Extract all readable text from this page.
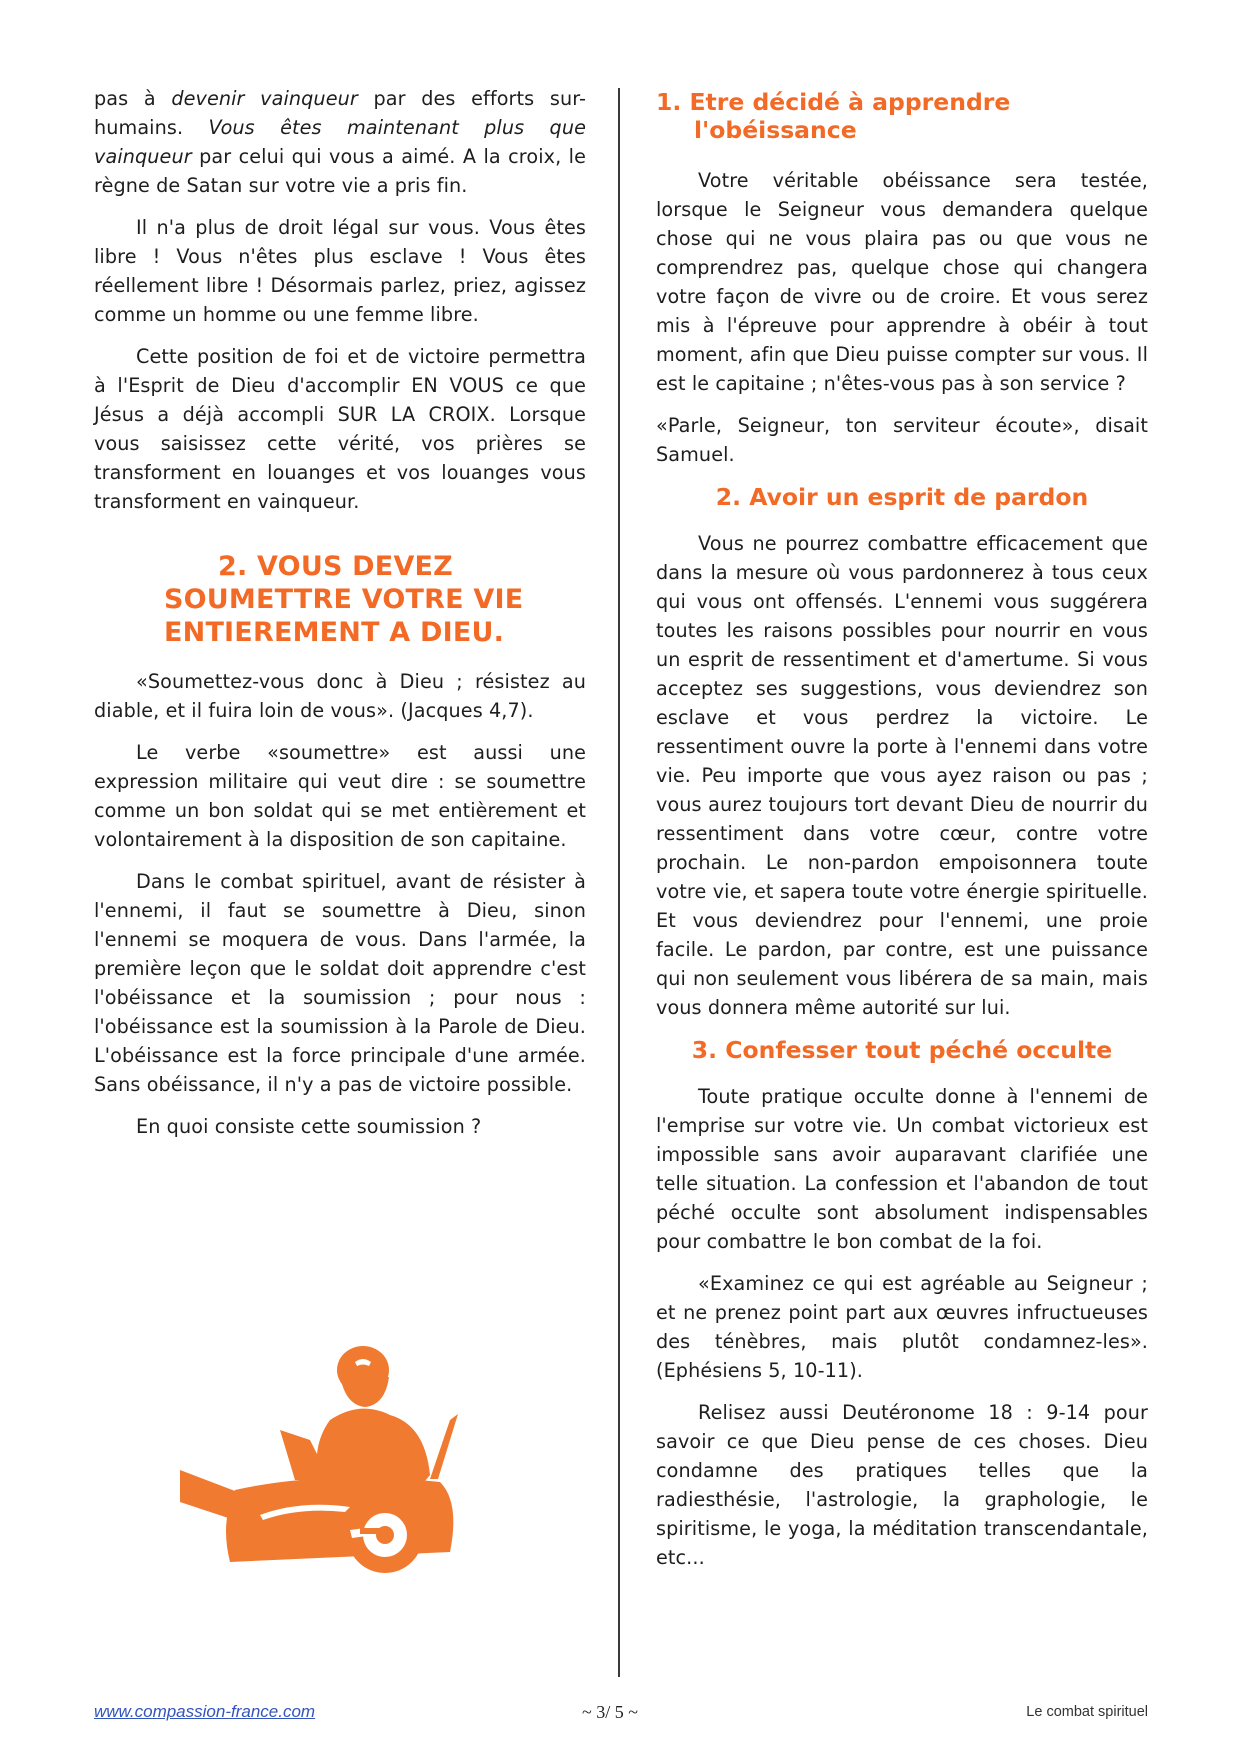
pas à devenir vainqueur par des efforts sur-humains. Vous êtes maintenant plus que vainqueur par celui qui vous a aimé. A la croix, le règne de Satan sur votre vie a pris fin.

Il n'a plus de droit légal sur vous. Vous êtes libre ! Vous n'êtes plus esclave ! Vous êtes réellement libre ! Désormais parlez, priez, agissez comme un homme ou une femme libre.

Cette position de foi et de victoire permettra à l'Esprit de Dieu d'accomplir EN VOUS ce que Jésus a déjà accompli SUR LA CROIX. Lorsque vous saisissez cette vérité, vos prières se transforment en louanges et vos louanges vous transforment en vainqueur.

2. VOUS DEVEZ
SOUMETTRE VOTRE VIE
ENTIEREMENT A DIEU.

«Soumettez-vous donc à Dieu ; résistez au diable, et il fuira loin de vous». (Jacques 4,7).

Le verbe «soumettre» est aussi une expression militaire qui veut dire : se soumettre comme un bon soldat qui se met entièrement et volontairement à la disposition de son capitaine.

Dans le combat spirituel, avant de résister à l'ennemi, il faut se soumettre à Dieu, sinon l'ennemi se moquera de vous. Dans l'armée, la première leçon que le soldat doit apprendre c'est l'obéissance et la soumission ; pour nous : l'obéissance est la soumission à la Parole de Dieu. L'obéissance est la force principale d'une armée. Sans obéissance, il n'y a pas de victoire possible.

En quoi consiste cette soumission ?

1. Etre décidé à apprendre
l'obéissance

Votre véritable obéissance sera testée, lorsque le Seigneur vous demandera quelque chose qui ne vous plaira pas ou que vous ne comprendrez pas, quelque chose qui changera votre façon de vivre ou de croire. Et vous serez mis à l'épreuve pour apprendre à obéir à tout moment, afin que Dieu puisse compter sur vous. Il est le capitaine ; n'êtes-vous pas à son service ?

«Parle, Seigneur, ton serviteur écoute», disait Samuel.

2. Avoir un esprit de pardon

Vous ne pourrez combattre efficacement que dans la mesure où vous pardonnerez à tous ceux qui vous ont offensés. L'ennemi vous suggérera toutes les raisons possibles pour nourrir en vous un esprit de ressentiment et d'amertume. Si vous acceptez ses suggestions, vous deviendrez son esclave et vous perdrez la victoire. Le ressentiment ouvre la porte à l'ennemi dans votre vie. Peu importe que vous ayez raison ou pas ; vous aurez toujours tort devant Dieu de nourrir du ressentiment dans votre cœur, contre votre prochain. Le non-pardon empoisonnera toute votre vie, et sapera toute votre énergie spirituelle. Et vous deviendrez pour l'ennemi, une proie facile. Le pardon, par contre, est une puissance qui non seulement vous libérera de sa main, mais vous donnera même autorité sur lui.

3. Confesser tout péché occulte

Toute pratique occulte donne à l'ennemi de l'emprise sur votre vie. Un combat victorieux est impossible sans avoir auparavant clarifiée une telle situation. La confession et l'abandon de tout péché occulte sont absolument indispensables pour combattre le bon combat de la foi.

«Examinez ce qui est agréable au Seigneur ; et ne prenez point part aux œuvres infructueuses des ténèbres, mais plutôt condamnez-les». (Ephésiens 5, 10-11).

Relisez aussi Deutéronome 18 : 9-14 pour savoir ce que Dieu pense de ces choses. Dieu condamne des pratiques telles que la radiesthésie, l'astrologie, la graphologie, le spiritisme, le yoga, la méditation transcendantale, etc...

www.compassion-france.com	~ 3/ 5 ~	Le combat spirituel
